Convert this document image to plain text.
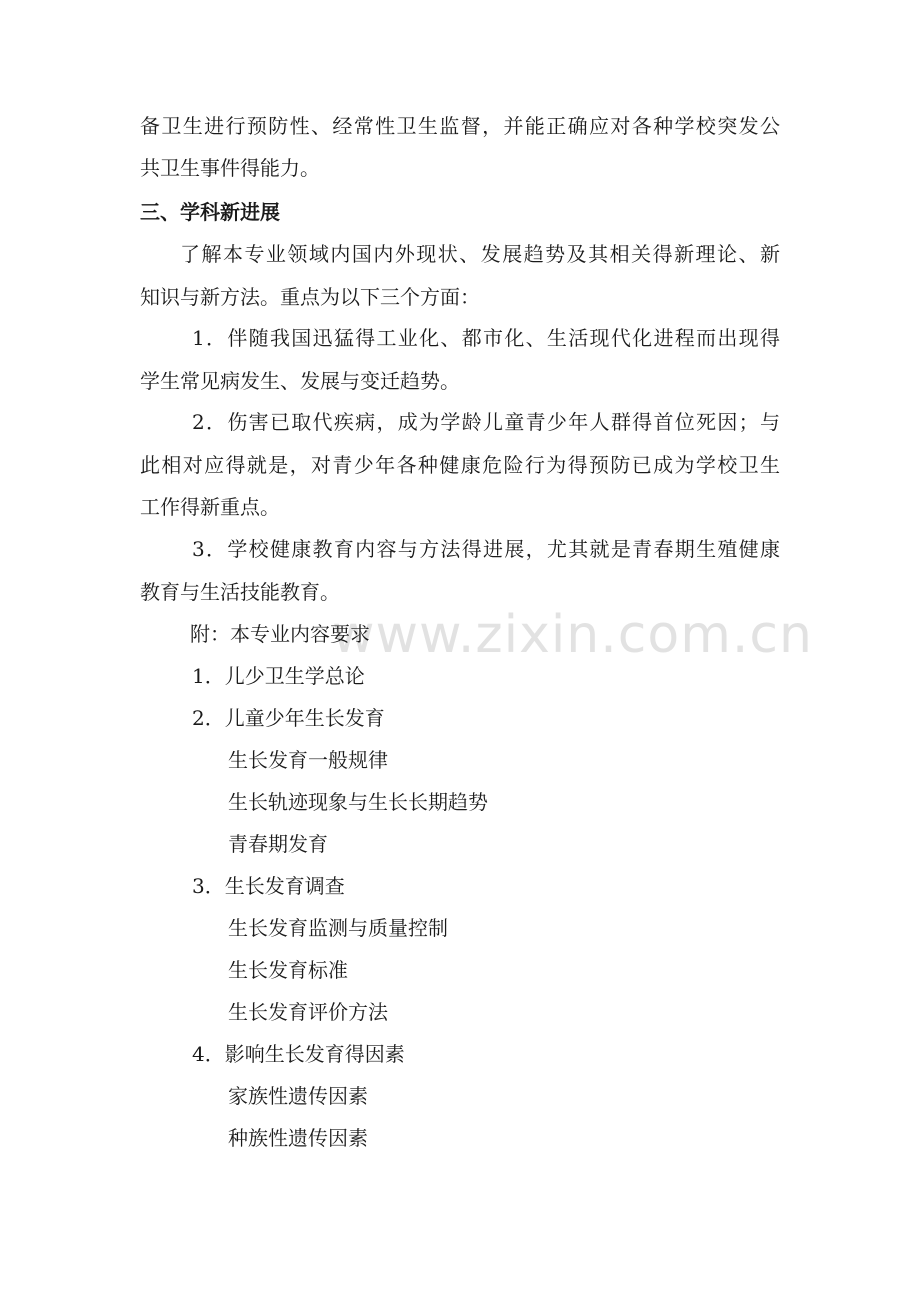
www.zixin.com.cn
备卫生进行预防性、经常性卫生监督，并能正确应对各种学校突发公
共卫生事件得能力。
三、学科新进展
了解本专业领域内国内外现状、发展趋势及其相关得新理论、新
知识与新方法。重点为以下三个方面：
1．伴随我国迅猛得工业化、都市化、生活现代化进程而出现得
学生常见病发生、发展与变迁趋势。
2．伤害已取代疾病，成为学龄儿童青少年人群得首位死因；与
此相对应得就是，对青少年各种健康危险行为得预防已成为学校卫生
工作得新重点。
3．学校健康教育内容与方法得进展，尤其就是青春期生殖健康
教育与生活技能教育。
附：本专业内容要求
1．儿少卫生学总论
2．儿童少年生长发育
生长发育一般规律
生长轨迹现象与生长长期趋势
青春期发育
3．生长发育调查
生长发育监测与质量控制
生长发育标准
生长发育评价方法
4．影响生长发育得因素
家族性遗传因素
种族性遗传因素
